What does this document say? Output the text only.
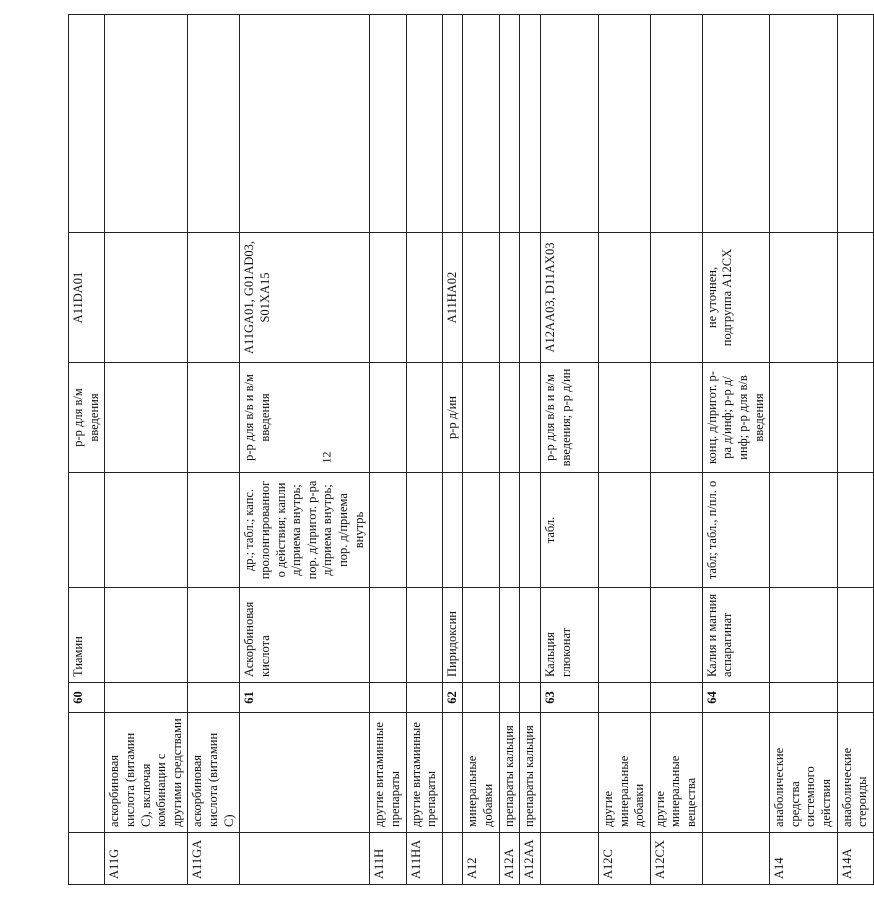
12
		60	Тиамин		р-р для в/м введения	A11DA01	
A11G	аскорбиновая кислота (витамин С), включая комбинации с другими средствами						
A11GA	аскорбиновая кислота (витамин С)						
		61	Аскорбиновая кислота	др.; табл.; капс. пролонгированного действия; капли д/приема внутрь; пор. д/пригот. р-ра д/приема внутрь; пор. д/приема внутрь	р-р для в/в и в/м введения	A11GA01, G01AD03, S01XA15	
A11H	другие витаминные препараты						
A11HA	другие витаминные препараты						
		62	Пиридоксин		р-р д/ин	A11HA02	
A12	минеральные добавки						
A12A	препараты кальция						
A12AA	препараты кальция						
		63	Кальция глюконат	табл.	р-р для в/в и в/м введения; р-р д/ин	A12AA03, D11AX03	
A12C	другие минеральные добавки						
A12CX	другие минеральные вещества						
		64	Калия и магния аспарагинат	табл; табл., п/пл. о	конц. д/пригот. р-ра д/инф; р-р д/инф; р-р для в/в введения	не уточнен, подгруппа A12CX	
A14	анаболические средства системного действия						
A14A	анаболические стероиды						
